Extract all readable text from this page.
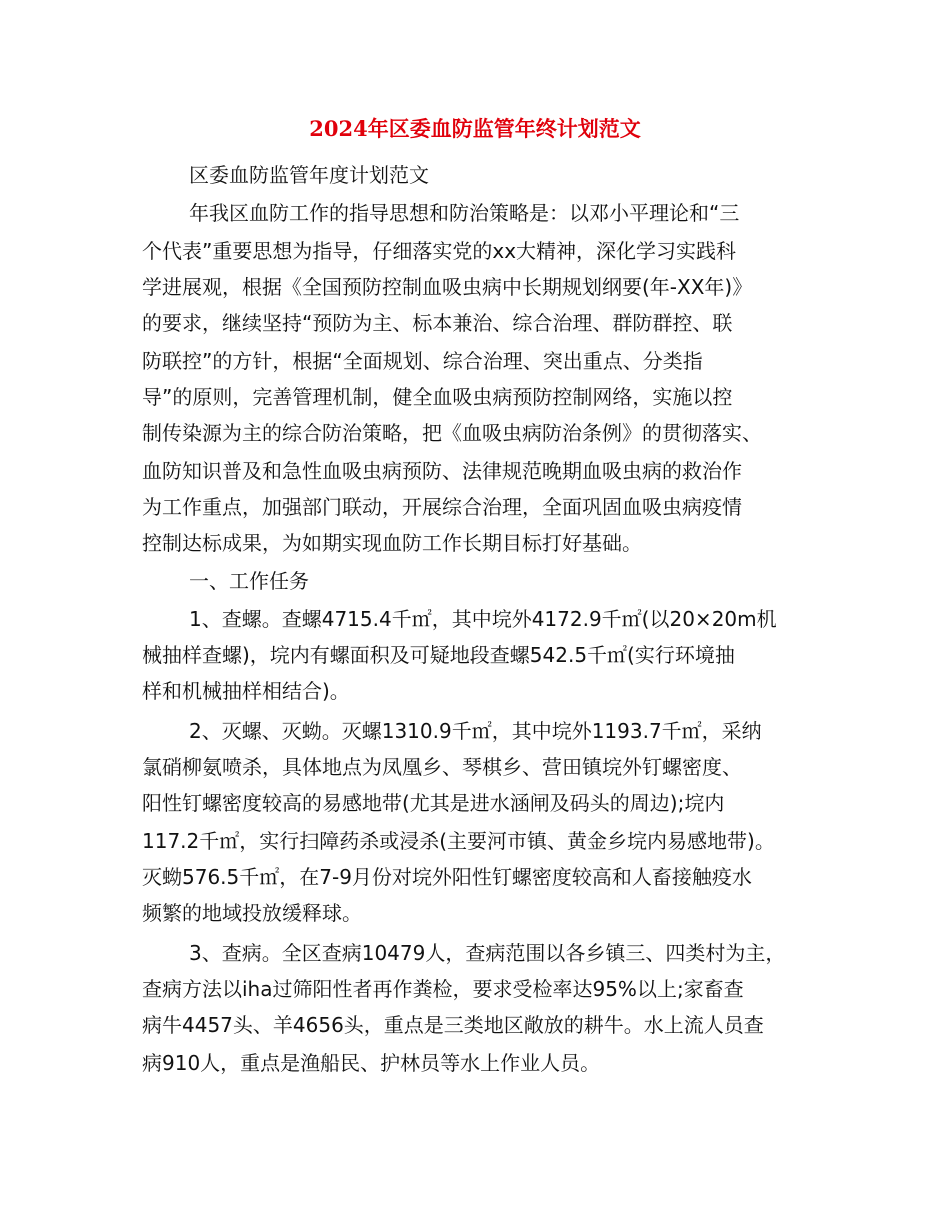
2024年区委血防监管年终计划范文

区委血防监管年度计划范文

年我区血防工作的指导思想和防治策略是：以邓小平理论和“三

个代表”重要思想为指导，仔细落实党的xx大精神，深化学习实践科

学进展观，根据《全国预防控制血吸虫病中长期规划纲要(年-XX年)》

的要求，继续坚持“预防为主、标本兼治、综合治理、群防群控、联

防联控”的方针，根据“全面规划、综合治理、突出重点、分类指

导”的原则，完善管理机制，健全血吸虫病预防控制网络，实施以控

制传染源为主的综合防治策略，把《血吸虫病防治条例》的贯彻落实、

血防知识普及和急性血吸虫病预防、法律规范晚期血吸虫病的救治作

为工作重点，加强部门联动，开展综合治理，全面巩固血吸虫病疫情

控制达标成果，为如期实现血防工作长期目标打好基础。

一、工作任务

1、查螺。查螺4715.4千㎡，其中垸外4172.9千㎡(以20×20m机

械抽样查螺)，垸内有螺面积及可疑地段查螺542.5千㎡(实行环境抽

样和机械抽样相结合)。

2、灭螺、灭蚴。灭螺1310.9千㎡，其中垸外1193.7千㎡，采纳

氯硝柳氨喷杀，具体地点为凤凰乡、琴棋乡、营田镇垸外钉螺密度、

阳性钉螺密度较高的易感地带(尤其是进水涵闸及码头的周边);垸内

117.2千㎡，实行扫障药杀或浸杀(主要河市镇、黄金乡垸内易感地带)。

灭蚴576.5千㎡，在7-9月份对垸外阳性钉螺密度较高和人畜接触疫水

频繁的地域投放缓释球。

3、查病。全区查病10479人，查病范围以各乡镇三、四类村为主，

查病方法以iha过筛阳性者再作粪检，要求受检率达95%以上;家畜查

病牛4457头、羊4656头，重点是三类地区敞放的耕牛。水上流人员查

病910人，重点是渔船民、护林员等水上作业人员。
